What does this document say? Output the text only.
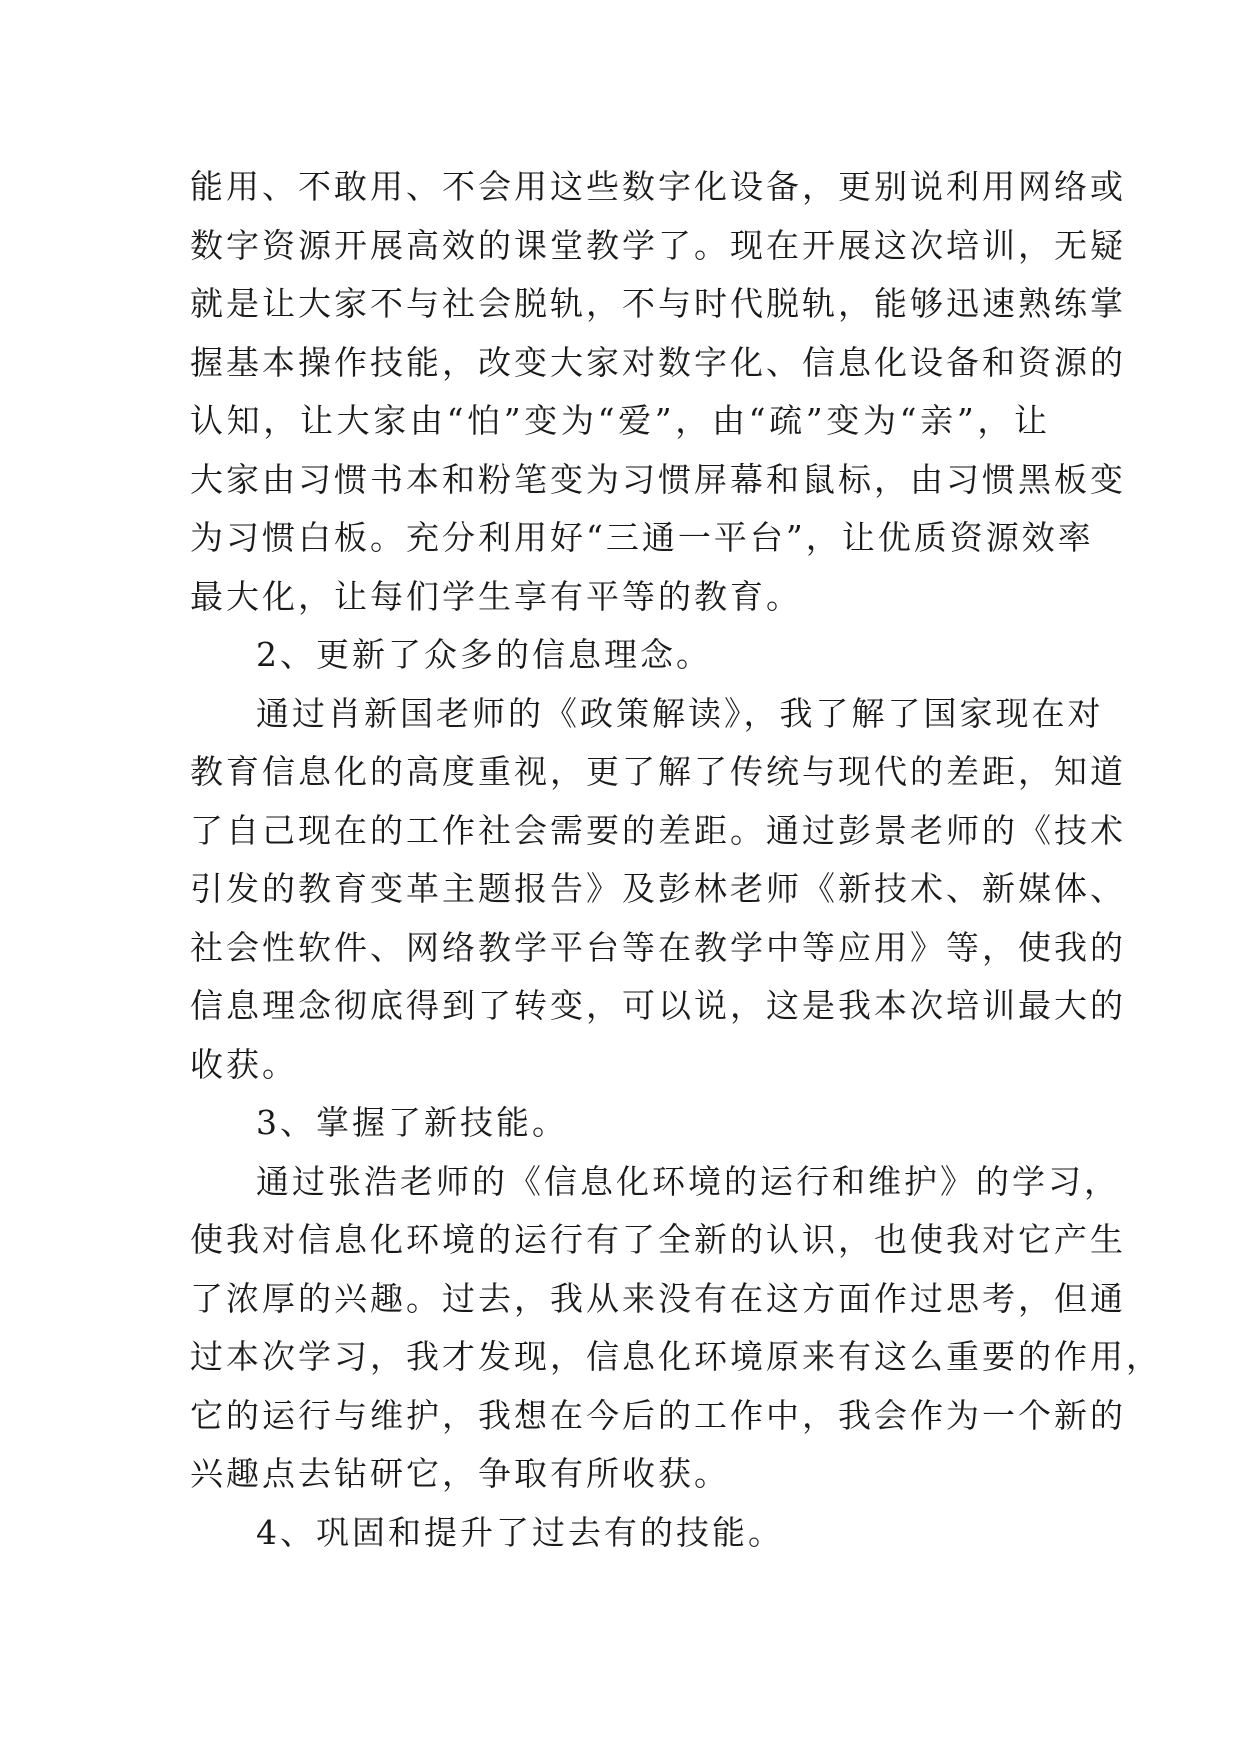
能用、不敢用、不会用这些数字化设备，更别说利用网络或
数字资源开展高效的课堂教学了。现在开展这次培训，无疑
就是让大家不与社会脱轨，不与时代脱轨，能够迅速熟练掌
握基本操作技能，改变大家对数字化、信息化设备和资源的
认知，让大家由“怕”变为“爱”，由“疏”变为“亲”，让
大家由习惯书本和粉笔变为习惯屏幕和鼠标，由习惯黑板变
为习惯白板。充分利用好“三通一平台”，让优质资源效率
最大化，让每们学生享有平等的教育。
2、更新了众多的信息理念。
通过肖新国老师的《政策解读》，我了解了国家现在对
教育信息化的高度重视，更了解了传统与现代的差距，知道
了自己现在的工作社会需要的差距。通过彭景老师的《技术
引发的教育变革主题报告》及彭林老师《新技术、新媒体、
社会性软件、网络教学平台等在教学中等应用》等，使我的
信息理念彻底得到了转变，可以说，这是我本次培训最大的
收获。
3、掌握了新技能。
通过张浩老师的《信息化环境的运行和维护》的学习，
使我对信息化环境的运行有了全新的认识，也使我对它产生
了浓厚的兴趣。过去，我从来没有在这方面作过思考，但通
过本次学习，我才发现，信息化环境原来有这么重要的作用，
它的运行与维护，我想在今后的工作中，我会作为一个新的
兴趣点去钻研它，争取有所收获。
4、巩固和提升了过去有的技能。
